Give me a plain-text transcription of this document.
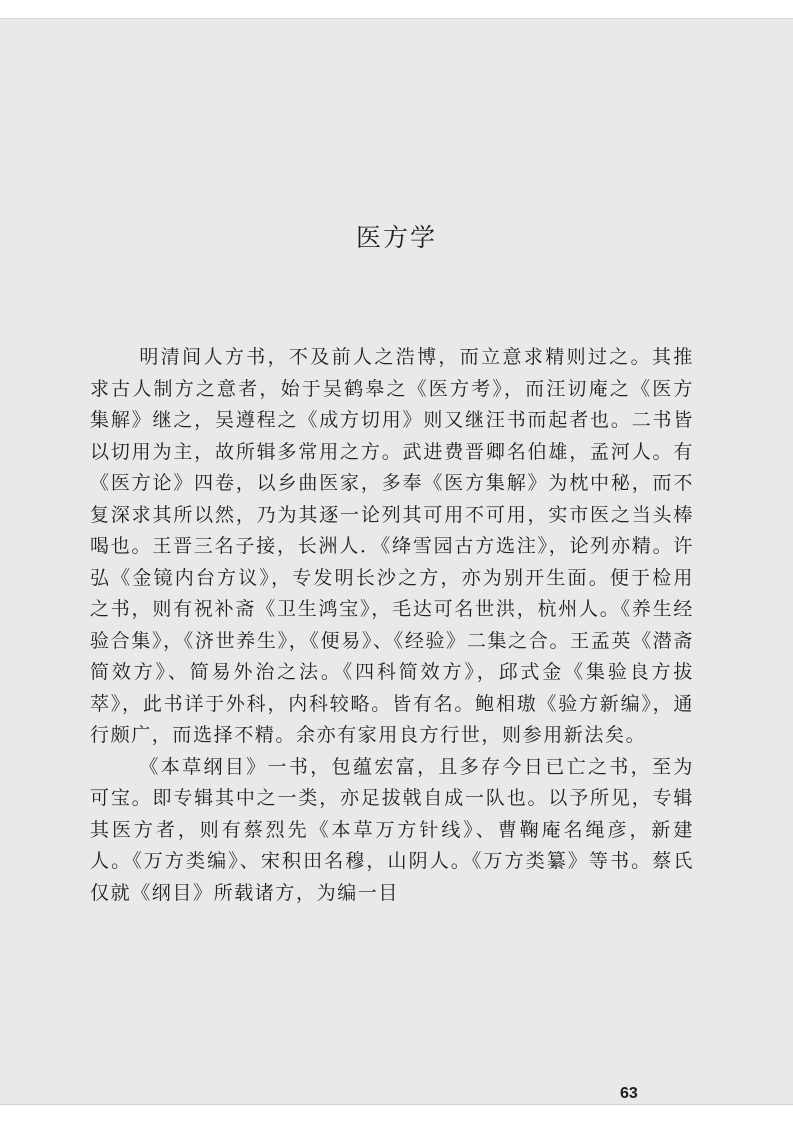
医方学

明清间人方书，不及前人之浩博，而立意求精则过之。其推求古人制方之意者，始于吴鹤皋之《医方考》，而汪讱庵之《医方集解》继之，吴遵程之《成方切用》则又继汪书而起者也。二书皆以切用为主，故所辑多常用之方。武进费晋卿名伯雄，孟河人。有《医方论》四卷，以乡曲医家，多奉《医方集解》为枕中秘，而不复深求其所以然，乃为其逐一论列其可用不可用，实市医之当头棒喝也。王晋三名子接，长洲人．《绛雪园古方选注》，论列亦精。许弘《金镜内台方议》，专发明长沙之方，亦为别开生面。便于检用之书，则有祝补斋《卫生鸿宝》，毛达可名世洪，杭州人。《养生经验合集》，《济世养生》，《便易》、《经验》二集之合。王孟英《潜斋简效方》、简易外治之法。《四科简效方》，邱式金《集验良方拔萃》，此书详于外科，内科较略。皆有名。鲍相璈《验方新编》，通行颇广，而选择不精。余亦有家用良方行世，则参用新法矣。

《本草纲目》一书，包蕴宏富，且多存今日已亡之书，至为可宝。即专辑其中之一类，亦足拔戟自成一队也。以予所见，专辑其医方者，则有蔡烈先《本草万方针线》、曹鞠庵名绳彦，新建人。《万方类编》、宋积田名穆，山阴人。《万方类纂》等书。蔡氏仅就《纲目》所载诸方，为编一目

63
